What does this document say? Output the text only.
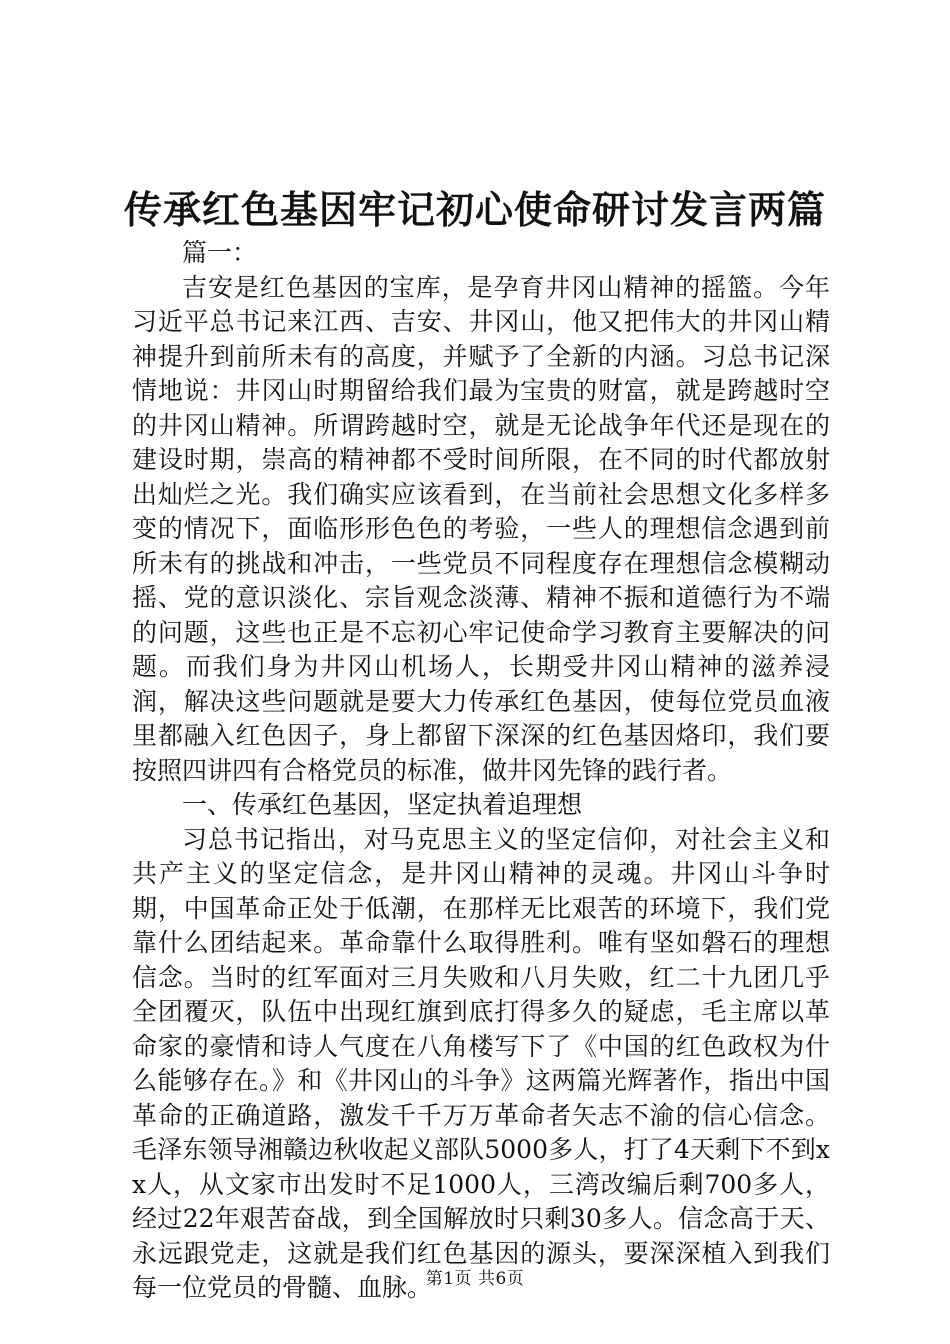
传承红色基因牢记初心使命研讨发言两篇

篇一：

吉安是红色基因的宝库，是孕育井冈山精神的摇篮。今年习近平总书记来江西、吉安、井冈山，他又把伟大的井冈山精神提升到前所未有的高度，并赋予了全新的内涵。习总书记深情地说：井冈山时期留给我们最为宝贵的财富，就是跨越时空的井冈山精神。所谓跨越时空，就是无论战争年代还是现在的建设时期，崇高的精神都不受时间所限，在不同的时代都放射出灿烂之光。我们确实应该看到，在当前社会思想文化多样多变的情况下，面临形形色色的考验，一些人的理想信念遇到前所未有的挑战和冲击，一些党员不同程度存在理想信念模糊动摇、党的意识淡化、宗旨观念淡薄、精神不振和道德行为不端的问题，这些也正是不忘初心牢记使命学习教育主要解决的问题。而我们身为井冈山机场人，长期受井冈山精神的滋养浸润，解决这些问题就是要大力传承红色基因，使每位党员血液里都融入红色因子，身上都留下深深的红色基因烙印，我们要按照四讲四有合格党员的标准，做井冈先锋的践行者。

一、传承红色基因，坚定执着追理想

习总书记指出，对马克思主义的坚定信仰，对社会主义和共产主义的坚定信念，是井冈山精神的灵魂。井冈山斗争时期，中国革命正处于低潮，在那样无比艰苦的环境下，我们党靠什么团结起来。革命靠什么取得胜利。唯有坚如磐石的理想信念。当时的红军面对三月失败和八月失败，红二十九团几乎全团覆灭，队伍中出现红旗到底打得多久的疑虑，毛主席以革命家的豪情和诗人气度在八角楼写下了《中国的红色政权为什么能够存在。》和《井冈山的斗争》这两篇光辉著作，指出中国革命的正确道路，激发千千万万革命者矢志不渝的信心信念。毛泽东领导湘赣边秋收起义部队5000多人，打了4天剩下不到xx人，从文家市出发时不足1000人，三湾改编后剩700多人，经过22年艰苦奋战，到全国解放时只剩30多人。信念高于天、永远跟党走，这就是我们红色基因的源头，要深深植入到我们每一位党员的骨髓、血脉。

第1页 共6页
